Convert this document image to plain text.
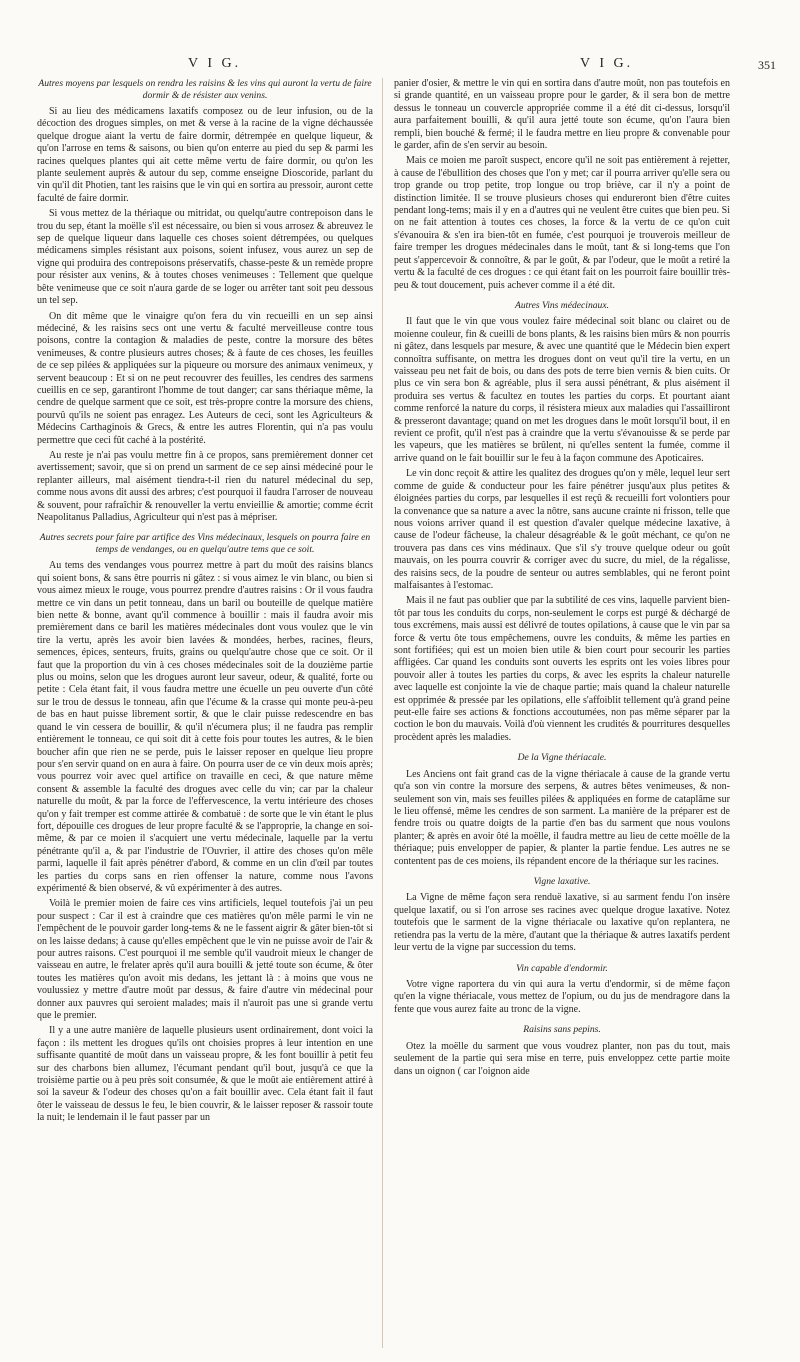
V I G.	V I G.	351
Autres moyens par lesquels on rendra les raisins & les vins qui auront la vertu de faire dormir & de résister aux venins.

Si au lieu des médicamens laxatifs composez ou de leur infusion, ou de la décoction des drogues simples, on met & verse à la racine de la vigne déchaussée quelque drogue aiant la vertu de faire dormir, détrempée en quelque liqueur, & qu'on l'arrose en tems & saisons, ou bien qu'on enterre au pied du sep & parmi les racines quelques plantes qui ait cette même vertu de faire dormir, ou qu'on les plante seulement auprès & autour du sep, comme enseigne Dioscoride, parlant du vin qu'il dit Photien, tant les raisins que le vin qui en sortira au pressoir, auront cette faculté de faire dormir.

Si vous mettez de la thériaque ou mitridat, ou quelqu'autre contrepoison dans le trou du sep, étant la moëlle s'il est nécessaire, ou bien si vous arrosez & abreuvez le sep de quelque liqueur dans laquelle ces choses soient détrempées, ou quelques médicamens simples résistant aux poisons, soient infusez, vous aurez un sep de vigne qui produira des contrepoisons préservatifs, chasse-peste & un remède propre pour résister aux venins, & à toutes choses venimeuses : Tellement que quelque bête venimeuse que ce soit n'aura garde de se loger ou arrêter tant soit peu dessous un tel sep.

On dit même que le vinaigre qu'on fera du vin recueilli en un sep ainsi médeciné, & les raisins secs ont une vertu & faculté merveilleuse contre tous poisons, contre la contagion & maladies de peste, contre la morsure des bêtes venimeuses, & contre plusieurs autres choses; & à faute de ces choses, les feuilles de ce sep pilées & appliquées sur la piqueure ou morsure des animaux venimeux, y servent beaucoup : Et si on ne peut recouvrer des feuilles, les cendres des sarmens cueillis en ce sep, garantiront l'homme de tout danger; car sans thériaque même, la cendre de quelque sarment que ce soit, est très-propre contre la morsure des chiens, pourvû qu'ils ne soient pas enragez. Les Auteurs de ceci, sont les Agriculteurs & Médecins Carthaginois & Grecs, & entre les autres Florentin, qui n'a pas voulu permettre que ceci fût caché à la postérité.

Au reste je n'ai pas voulu mettre fin à ce propos, sans premièrement donner cet avertissement; savoir, que si on prend un sarment de ce sep ainsi médeciné pour le replanter ailleurs, mal aisément tiendra-t-il rien du naturel médecinal du sep, comme nous avons dit aussi des arbres; c'est pourquoi il faudra l'arroser de nouveau & souvent, pour rafraîchir & renouveller la vertu envieillie & amortie; comme écrit Neapolitanus Palladius, Agriculteur qui n'est pas à mépriser.

Autres secrets pour faire par artifice des Vins médecinaux, lesquels on pourra faire en temps de vendanges, ou en quelqu'autre tems que ce soit.

Au tems des vendanges vous pourrez mettre à part du moût des raisins blancs qui soient bons, & sans être pourris ni gâtez : si vous aimez le vin blanc, ou bien si vous aimez mieux le rouge, vous pourrez prendre d'autres raisins : Or il vous faudra mettre ce vin dans un petit tonneau, dans un baril ou bouteille de quelque matière bien nette & bonne, avant qu'il commence à bouillir : mais il faudra avoir mis premièrement dans ce baril les matières médecinales dont vous voulez que le vin tire la vertu, après les avoir bien lavées & mondées, herbes, racines, fleurs, semences, épices, senteurs, fruits, grains ou quelqu'autre chose que ce soit. Or il faut que la proportion du vin à ces choses médecinales soit de la douzième partie plus ou moins, selon que les drogues auront leur saveur, odeur, & qualité, forte ou petite : Cela étant fait, il vous faudra mettre une écuelle un peu ouverte d'un côté sur le trou de dessus le tonneau, afin que l'écume & la crasse qui monte peu-à-peu de bas en haut puisse librement sortir, & que le clair puisse redescendre en bas quand le vin cessera de bouillir, & qu'il n'écumera plus; il ne faudra pas remplir entièrement le tonneau, ce qui soit dit à cette fois pour toutes les autres, & le bien boucher afin que rien ne se perde, puis le laisser reposer en quelque lieu propre pour s'en servir quand on en aura à faire. On pourra user de ce vin deux mois après; vous pourrez voir avec quel artifice on travaille en ceci, & que nature même consent & assemble la faculté des drogues avec celle du vin; car par la chaleur naturelle du moût, & par la force de l'effervescence, la vertu intérieure des choses qu'on y fait tremper est comme attirée & combatuë : de sorte que le vin étant le plus fort, dépouille ces drogues de leur propre faculté & se l'approprie, la change en soi-même, & par ce moien il s'acquiert une vertu médecinale, laquelle par la vertu pénétrante qu'il a, & par l'industrie de l'Ouvrier, il attire des choses qu'on mêle parmi, laquelle il fait après pénétrer d'abord, & comme en un clin d'œil par toutes les parties du corps sans en rien offenser la nature, comme nous l'avons expérimenté & bien observé, & vû expérimenter à des autres.

Voilà le premier moien de faire ces vins artificiels, lequel toutefois j'ai un peu pour suspect : Car il est à craindre que ces matières qu'on mêle parmi le vin ne l'empêchent de le pouvoir garder long-tems & ne le fassent aigrir & gâter bien-tôt si on les laisse dedans; à cause qu'elles empêchent que le vin ne puisse avoir de l'air & pour autres raisons. C'est pourquoi il me semble qu'il vaudroit mieux le changer de vaisseau en autre, le frelater après qu'il aura bouilli & jetté toute son écume, & ôter toutes les matières qu'on avoit mis dedans, les jettant là : à moins que vous ne voulussiez y mettre d'autre moût par dessus, & faire d'autre vin médecinal pour donner aux pauvres qui seroient malades; mais il n'auroit pas une si grande vertu que le premier.

Il y a une autre manière de laquelle plusieurs usent ordinairement, dont voici la façon : ils mettent les drogues qu'ils ont choisies propres à leur intention en une suffisante quantité de moût dans un vaisseau propre, & les font bouillir à petit feu sur des charbons bien allumez, l'écumant pendant qu'il bout, jusqu'à ce que la troisième partie ou à peu près soit consumée, & que le moût aie entièrement attiré à soi la saveur & l'odeur des choses qu'on a fait bouillir avec. Cela étant fait il faut ôter le vaisseau de dessus le feu, le bien couvrir, & le laisser reposer & rassoir toute la nuit; le lendemain il le faut passer par un

panier d'osier, & mettre le vin qui en sortira dans d'autre moût, non pas toutefois en si grande quantité, en un vaisseau propre pour le garder, & il sera bon de mettre dessus le tonneau un couvercle appropriée comme il a été dit ci-dessus, lorsqu'il aura parfaitement bouilli, & qu'il aura jetté toute son écume, qu'on l'aura bien rempli, bien bouché & fermé; il le faudra mettre en lieu propre & convenable pour le garder, afin de s'en servir au besoin.

Mais ce moien me paroît suspect, encore qu'il ne soit pas entièrement à rejetter, à cause de l'ébullition des choses que l'on y met; car il pourra arriver qu'elle sera ou trop grande ou trop petite, trop longue ou trop briève, car il n'y a point de distinction limitée. Il se trouve plusieurs choses qui endureront bien d'être cuites pendant long-tems; mais il y en a d'autres qui ne veulent être cuites que bien peu. Si on ne fait attention à toutes ces choses, la force & la vertu de ce qu'on cuit s'évanouira & s'en ira bien-tôt en fumée, c'est pourquoi je trouverois meilleur de faire tremper les drogues médecinales dans le moût, tant & si long-tems que l'on peut s'appercevoir & connoître, & par le goût, & par l'odeur, que le moût a retiré la vertu & la faculté de ces drogues : ce qui étant fait on les pourroit faire bouillir très-peu & tout doucement, puis achever comme il a été dit.

Autres Vins médecinaux.

Il faut que le vin que vous voulez faire médecinal soit blanc ou clairet ou de moienne couleur, fin & cueilli de bons plants, & les raisins bien mûrs & non pourris ni gâtez, dans lesquels par mesure, & avec une quantité que le Médecin bien expert connoîtra suffisante, on mettra les drogues dont on veut qu'il tire la vertu, en un vaisseau peu net fait de bois, ou dans des pots de terre bien vernis & bien cuits. Or plus ce vin sera bon & agréable, plus il sera aussi pénétrant, & plus aisément il produira ses vertus & facultez en toutes les parties du corps. Et pourtant aiant comme renforcé la nature du corps, il résistera mieux aux maladies qui l'assailliront & presseront davantage; quand on met les drogues dans le moût lorsqu'il bout, il en revient ce profit, qu'il n'est pas à craindre que la vertu s'évanouisse & se perde par les vapeurs, que les matières se brûlent, ni qu'elles sentent la fumée, comme il arrive quand on le fait bouillir sur le feu à la façon commune des Apoticaires.

Le vin donc reçoit & attire les qualitez des drogues qu'on y mêle, lequel leur sert comme de guide & conducteur pour les faire pénétrer jusqu'aux plus petites & éloignées parties du corps, par lesquelles il est reçû & recueilli fort volontiers pour la convenance que sa nature a avec la nôtre, sans aucune crainte ni frisson, telle que nous voions arriver quand il est question d'avaler quelque médecine laxative, à cause de l'odeur fâcheuse, la chaleur désagréable & le goût méchant, ce qu'on ne trouvera pas dans ces vins médinaux. Que s'il s'y trouve quelque odeur ou goût mauvais, on les pourra couvrir & corriger avec du sucre, du miel, de la régalisse, des raisins secs, de la poudre de senteur ou autres semblables, qui ne feront point malfaisantes à l'estomac.

Mais il ne faut pas oublier que par la subtilité de ces vins, laquelle parvient bien-tôt par tous les conduits du corps, non-seulement le corps est purgé & déchargé de tous excrémens, mais aussi est délivré de toutes opilations, à cause que le vin par sa force & vertu ôte tous empêchemens, ouvre les conduits, & même les parties en sont fortifiées; qui est un moien bien utile & bien court pour secourir les parties affligées. Car quand les conduits sont ouverts les esprits ont les voies libres pour pouvoir aller à toutes les parties du corps, & avec les esprits la chaleur naturelle avec laquelle est conjointe la vie de chaque partie; mais quand la chaleur naturelle est opprimée & pressée par les opilations, elle s'affoiblit tellement qu'à grand peine peut-elle faire ses actions & fonctions accoutumées, non pas même séparer par la coction le bon du mauvais. Voilà d'où viennent les crudités & pourritures desquelles procèdent après les maladies.

De la Vigne thériacale.

Les Anciens ont fait grand cas de la vigne thériacale à cause de la grande vertu qu'a son vin contre la morsure des serpens, & autres bêtes venimeuses, & non-seulement son vin, mais ses feuilles pilées & appliquées en forme de cataplâme sur le lieu offensé, même les cendres de son sarment. La manière de la préparer est de fendre trois ou quatre doigts de la partie d'en bas du sarment que nous voulons planter; & après en avoir ôté la moëlle, il faudra mettre au lieu de cette moëlle de la thériaque; puis envelopper de papier, & planter la partie fendue. Les autres ne se contentent pas de ces moiens, ils répandent encore de la thériaque sur les racines.

Vigne laxative.

La Vigne de même façon sera renduë laxative, si au sarment fendu l'on insère quelque laxatif, ou si l'on arrose ses racines avec quelque drogue laxative. Notez toutefois que le sarment de la vigne thériacale ou laxative qu'on replantera, ne retiendra pas la vertu de la mère, d'autant que la thériaque & autres laxatifs perdent leur vertu de la vigne par succession du tems.

Vin capable d'endormir.

Votre vigne raportera du vin qui aura la vertu d'endormir, si de même façon qu'en la vigne thériacale, vous mettez de l'opium, ou du jus de mendragore dans la fente que vous aurez faite au tronc de la vigne.

Raisins sans pepins.

Otez la moëlle du sarment que vous voudrez planter, non pas du tout, mais seulement de la partie qui sera mise en terre, puis enveloppez cette partie moite dans un oignon ( car l'oignon aide
